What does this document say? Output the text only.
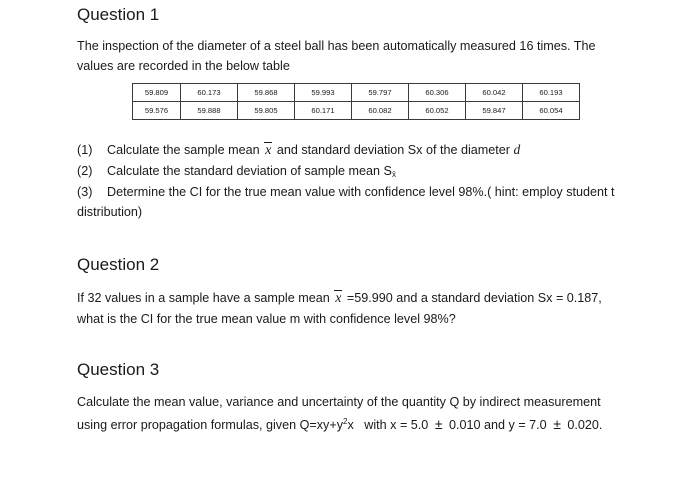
Question 1
The inspection of the diameter of a steel ball has been automatically measured 16 times. The
values are recorded in the below table
59.809	60.173	59.868	59.993	59.797	60.306	60.042	60.193
59.576	59.888	59.805	60.171	60.082	60.052	59.847	60.054
(1) Calculate the sample mean x and standard deviation Sx of the diameter d
(2) Calculate the standard deviation of sample mean $S_{x̄}$
(3) Determine the CI for the true mean value with confidence level 98%.( hint: employ student t
distribution)
Question 2
If 32 values in a sample have a sample mean x =59.990 and a standard deviation Sx = 0.187,
what is the CI for the true mean value m with confidence level 98%?
Question 3
Calculate the mean value, variance and uncertainty of the quantity Q by indirect measurement
using error propagation formulas, given $Q=xy+y^2x$   with x = 5.0 ± 0.010 and y = 7.0 ± 0.020.
